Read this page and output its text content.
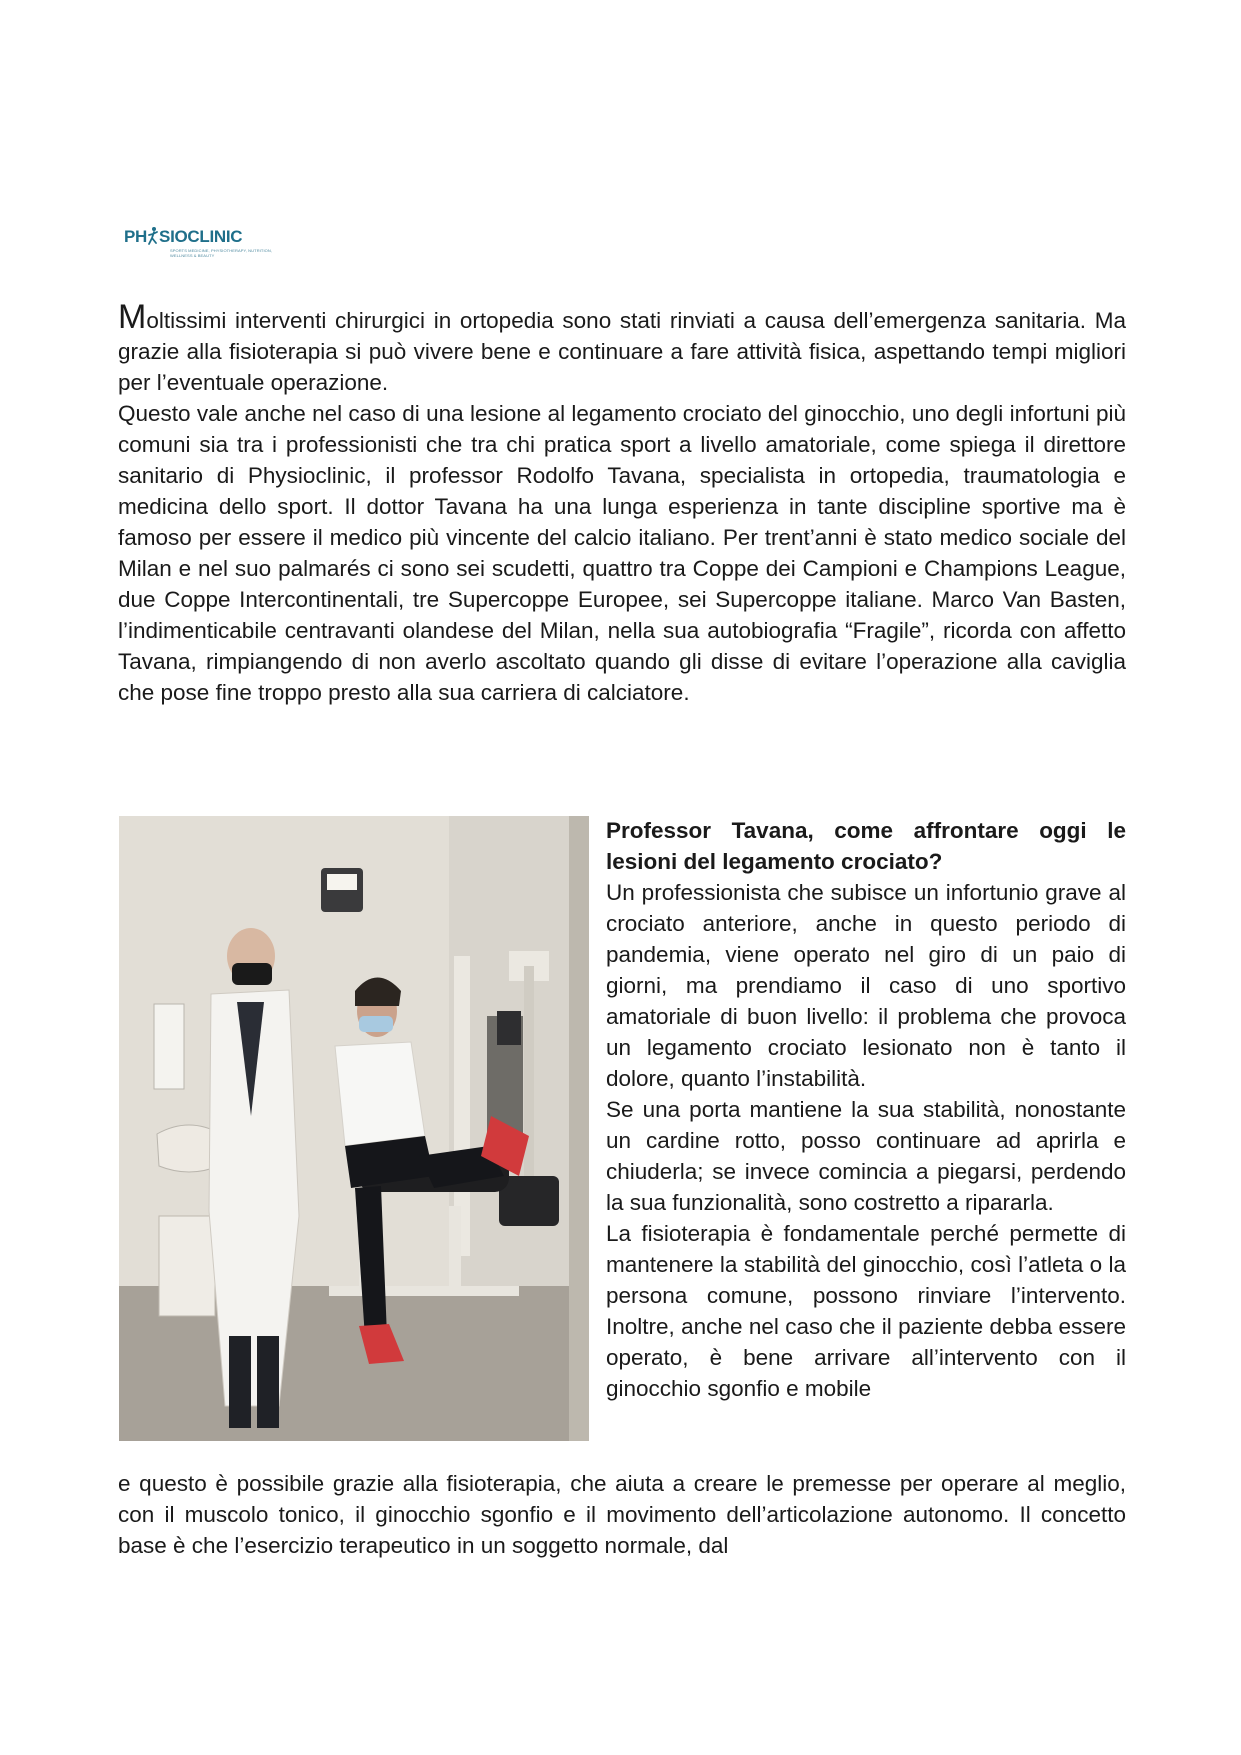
PH SIOCLINIC
SPORTS MEDICINE, PHYSIOTHERAPY, NUTRITION,
WELLNESS & BEAUTY

Moltissimi interventi chirurgici in ortopedia sono stati rinviati a causa dell’emergenza sanitaria. Ma grazie alla fisioterapia si può vivere bene e continuare a fare attività fisica, aspettando tempi migliori per l’eventuale operazione.

Questo vale anche nel caso di una lesione al legamento crociato del ginocchio, uno degli infortuni più comuni sia tra i professionisti che tra chi pratica sport a livello amatoriale, come spiega il direttore sanitario di Physioclinic, il professor Rodolfo Tavana, specialista in ortopedia, traumatologia e medicina dello sport. Il dottor Tavana ha una lunga esperienza in tante discipline sportive ma è famoso per essere il medico più vincente del calcio italiano. Per trent’anni è stato medico sociale del Milan e nel suo palmarés ci sono sei scudetti, quattro tra Coppe dei Campioni e Champions League, due Coppe Intercontinentali, tre Supercoppe Europee, sei Supercoppe italiane. Marco Van Basten, l’indimenticabile centravanti olandese del Milan, nella sua autobiografia “Fragile”, ricorda con affetto Tavana, rimpiangendo di non averlo ascoltato quando gli disse di evitare l’operazione alla caviglia che pose fine troppo presto alla sua carriera di calciatore.

Professor Tavana, come affrontare oggi le lesioni del legamento crociato?

Un professionista che subisce un infortunio grave al crociato anteriore, anche in questo periodo di pandemia, viene operato nel giro di un paio di giorni, ma prendiamo il caso di uno sportivo amatoriale di buon livello: il problema che provoca un legamento crociato lesionato non è tanto il dolore, quanto l’instabilità.

Se una porta mantiene la sua stabilità, nonostante un cardine rotto, posso continuare ad aprirla e chiuderla; se invece comincia a piegarsi, perdendo la sua funzionalità, sono costretto a ripararla.

La fisioterapia è fondamentale perché permette di mantenere la stabilità del ginocchio, così l’atleta o la persona comune, possono rinviare l’intervento. Inoltre, anche nel caso che il paziente debba essere operato, è bene arrivare all’intervento con il ginocchio sgonfio e mobile

e questo è possibile grazie alla fisioterapia, che aiuta a creare le premesse per operare al meglio, con il muscolo tonico, il ginocchio sgonfio e il movimento dell’articolazione autonomo. Il concetto base è che l’esercizio terapeutico in un soggetto normale, dal
